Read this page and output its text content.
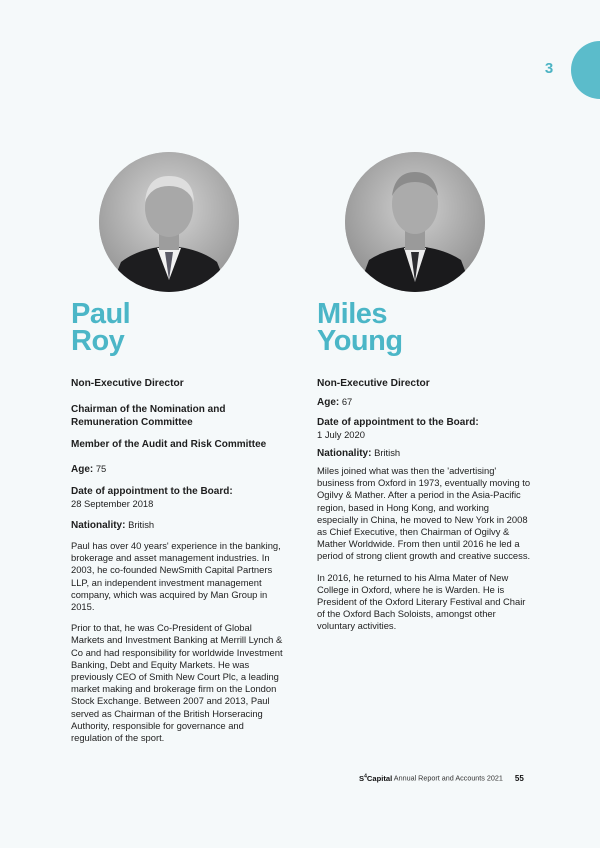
3
Paul
Roy
Non-Executive Director
Chairman of the Nomination and Remuneration Committee
Member of the Audit and Risk Committee
Age: 75
Date of appointment to the Board:
28 September 2018
Nationality: British

Paul has over 40 years' experience in the banking, brokerage and asset management industries. In 2003, he co-founded NewSmith Capital Partners LLP, an independent investment management company, which was acquired by Man Group in 2015.

Prior to that, he was Co-President of Global Markets and Investment Banking at Merrill Lynch & Co and had responsibility for worldwide Investment Banking, Debt and Equity Markets. He was previously CEO of Smith New Court Plc, a leading market making and brokerage firm on the London Stock Exchange. Between 2007 and 2013, Paul served as Chairman of the British Horseracing Authority, responsible for governance and regulation of the sport.

Miles
Young
Non-Executive Director
Age: 67
Date of appointment to the Board:
1 July 2020
Nationality: British

Miles joined what was then the 'advertising' business from Oxford in 1973, eventually moving to Ogilvy & Mather. After a period in the Asia-Pacific region, based in Hong Kong, and working especially in China, he moved to New York in 2008 as Chief Executive, then Chairman of Ogilvy & Mather Worldwide. From then until 2016 he led a period of strong client growth and creative success.

In 2016, he returned to his Alma Mater of New College in Oxford, where he is Warden. He is President of the Oxford Literary Festival and Chair of the Oxford Bach Soloists, amongst other voluntary activities.

$S^4Capital$ Annual Report and Accounts 2021 55
